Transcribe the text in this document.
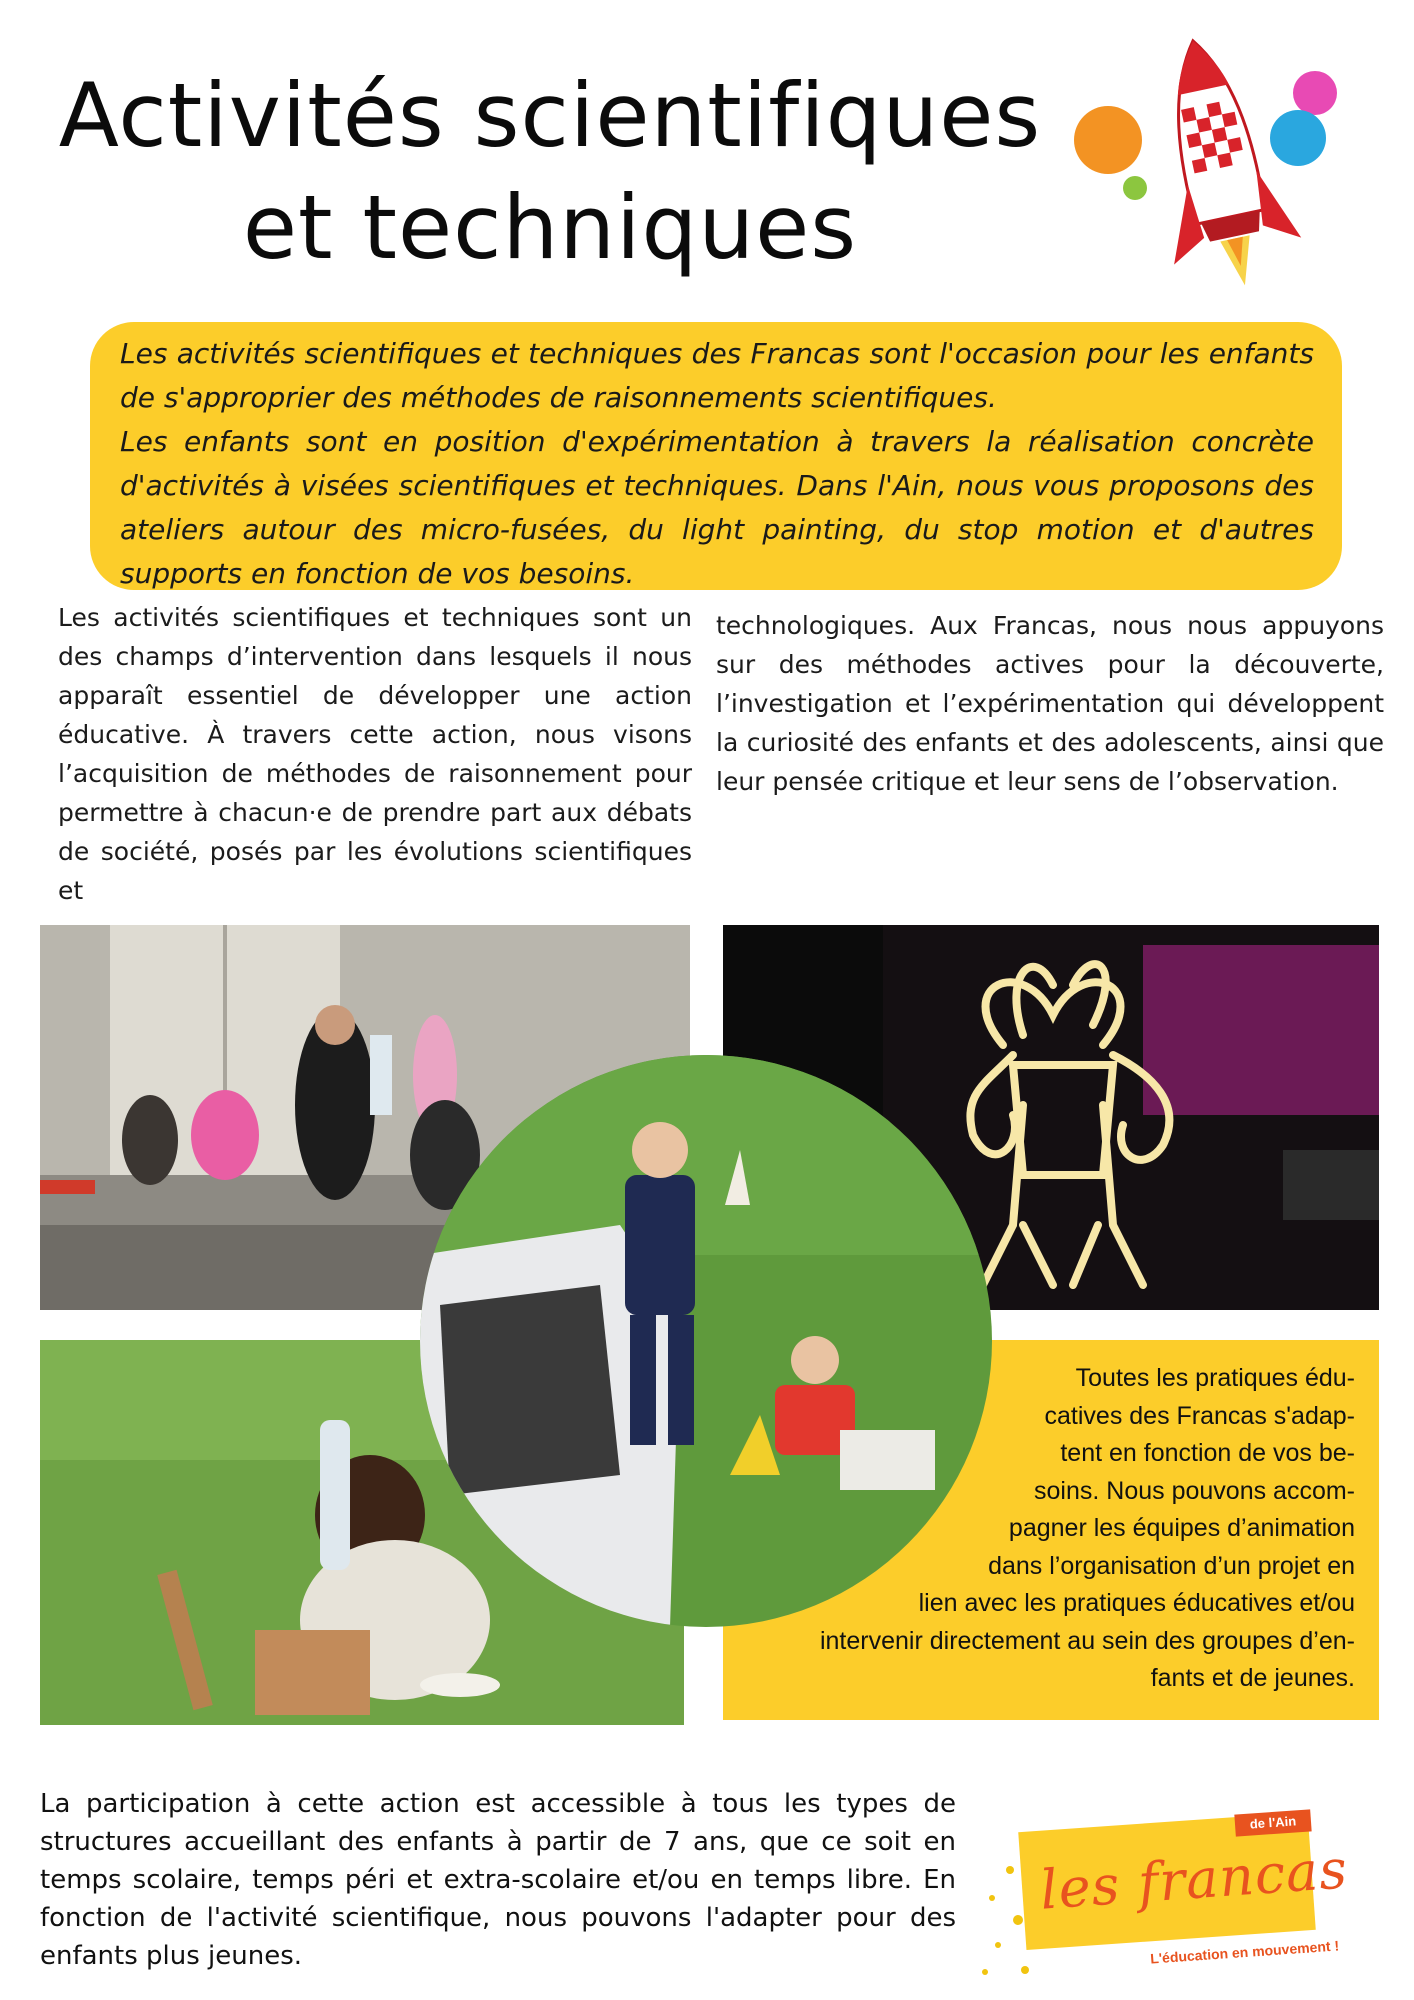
Activités scientifiques
et techniques

Les activités scientifiques et techniques des Francas sont l'occasion pour les enfants de s'approprier des méthodes de raisonnements scientifiques.

Les enfants sont en position d'expérimentation à travers la réalisation concrète d'activités à visées scientifiques et techniques. Dans l'Ain, nous vous proposons des ateliers autour des micro-fusées, du light painting, du stop motion et d'autres supports en fonction de vos besoins.

Les activités scientifiques et techniques sont un des champs d’intervention dans lesquels il nous apparaît essentiel de développer une action éducative. À travers cette action, nous visons l’acquisition de méthodes de raisonnement pour permettre à chacun·e de prendre part aux débats de société, posés par les évolutions scientifiques et

technologiques. Aux Francas, nous nous appuyons sur des méthodes actives pour la découverte, l’investigation et l’expérimentation qui développent la curiosité des enfants et des adolescents, ainsi que leur pensée critique et leur sens de l’observation.

Toutes les pratiques édu-
catives des Francas s'adap-
tent en fonction de vos be-
soins. Nous pouvons accom-
pagner les équipes d’animation
dans l’organisation d’un projet en
lien avec les pratiques éducatives et/ou
intervenir directement au sein des groupes d’en-
fants et de jeunes.

La participation à cette action est accessible à tous les types de structures accueillant des enfants à partir de 7 ans, que ce soit en temps scolaire, temps péri et extra-scolaire et/ou en temps libre. En fonction de l'activité scientifique, nous pouvons l'adapter pour des enfants plus jeunes.

de l'Ain
les francas
L'éducation en mouvement !
